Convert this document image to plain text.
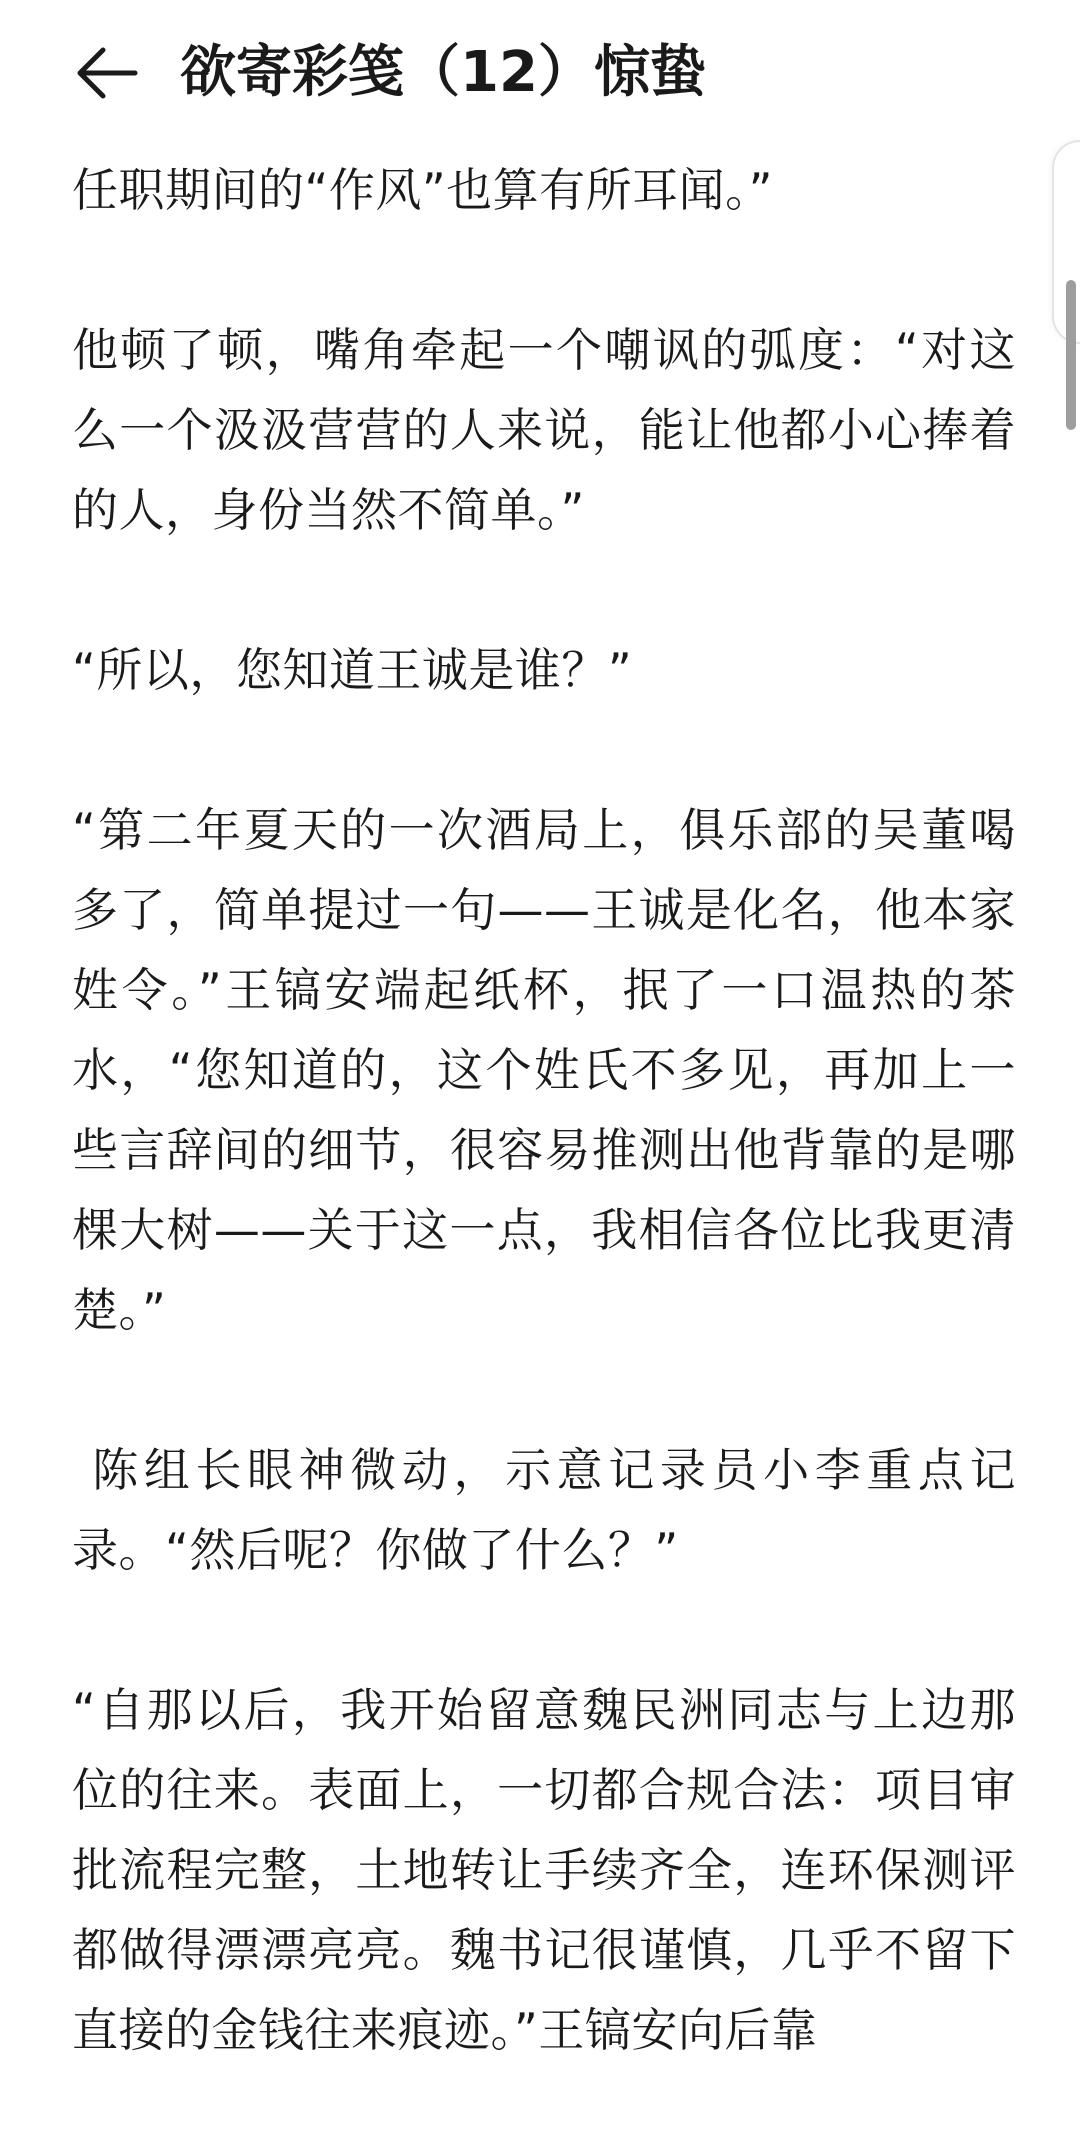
欲寄彩笺（12）惊蛰

任职期间的“作风”也算有所耳闻。”

他顿了顿，嘴角牵起一个嘲讽的弧度：“对这么一个汲汲营营的人来说，能让他都小心捧着的人，身份当然不简单。”

“所以，您知道王诚是谁？”

“第二年夏天的一次酒局上，俱乐部的吴董喝多了，简单提过一句——王诚是化名，他本家姓令。”王镐安端起纸杯，抿了一口温热的茶水，“您知道的，这个姓氏不多见，再加上一些言辞间的细节，很容易推测出他背靠的是哪棵大树——关于这一点，我相信各位比我更清楚。”

陈组长眼神微动，示意记录员小李重点记录。“然后呢？你做了什么？”

“自那以后，我开始留意魏民洲同志与上边那位的往来。表面上，一切都合规合法：项目审批流程完整，土地转让手续齐全，连环保测评都做得漂漂亮亮。魏书记很谨慎，几乎不留下直接的金钱往来痕迹。”王镐安向后靠
